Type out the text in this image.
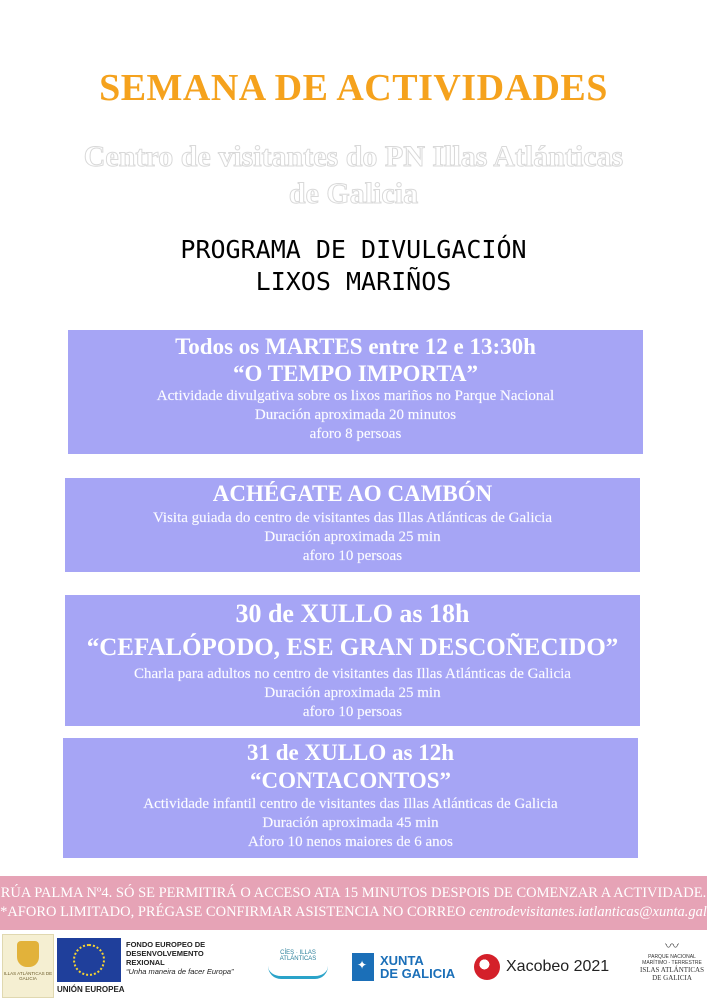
SEMANA DE ACTIVIDADES
Centro de visitantes do PN Illas Atlánticas
de Galicia
PROGRAMA DE DIVULGACIÓN
LIXOS MARIÑOS
Todos os MARTES entre 12 e 13:30h
“O TEMPO IMPORTA”
Actividade divulgativa sobre os lixos mariños no Parque Nacional
Duración aproximada 20 minutos
aforo 8 persoas
ACHÉGATE AO CAMBÓN
Visita guiada do centro de visitantes das Illas Atlánticas de Galicia
Duración aproximada 25 min
aforo 10 persoas
30 de XULLO as 18h
“CEFALÓPODO, ESE GRAN DESCOÑECIDO”
Charla para adultos no centro de visitantes das Illas Atlánticas de Galicia
Duración aproximada 25 min
aforo 10 persoas
31 de XULLO as 12h
“CONTACONTOS”
Actividade infantil centro de visitantes das Illas Atlánticas de Galicia
Duración aproximada 45 min
Aforo 10 nenos maiores de 6 anos
RÚA PALMA Nº4. SÓ SE PERMITIRÁ O ACCESO ATA 15 MINUTOS DESPOIS DE COMENZAR A ACTIVIDADE.
*AFORO LIMITADO, PRÉGASE CONFIRMAR ASISTENCIA NO CORREO centrodevisitantes.iatlanticas@xunta.gal
ILLAS ATLÁNTICAS DE GALICIA
UNIÓN EUROPEA
FONDO EUROPEO DE
DESENVOLVEMENTO
REXIONAL
“Unha maneira de facer Europa”
CÍES · ILLAS ATLÁNTICAS
✦	XUNTA
DE GALICIA	Xacobeo 2021
〰
PARQUE NACIONAL
MARÍTIMO - TERRESTRE
ISLAS ATLÁNTICAS
DE GALICIA
